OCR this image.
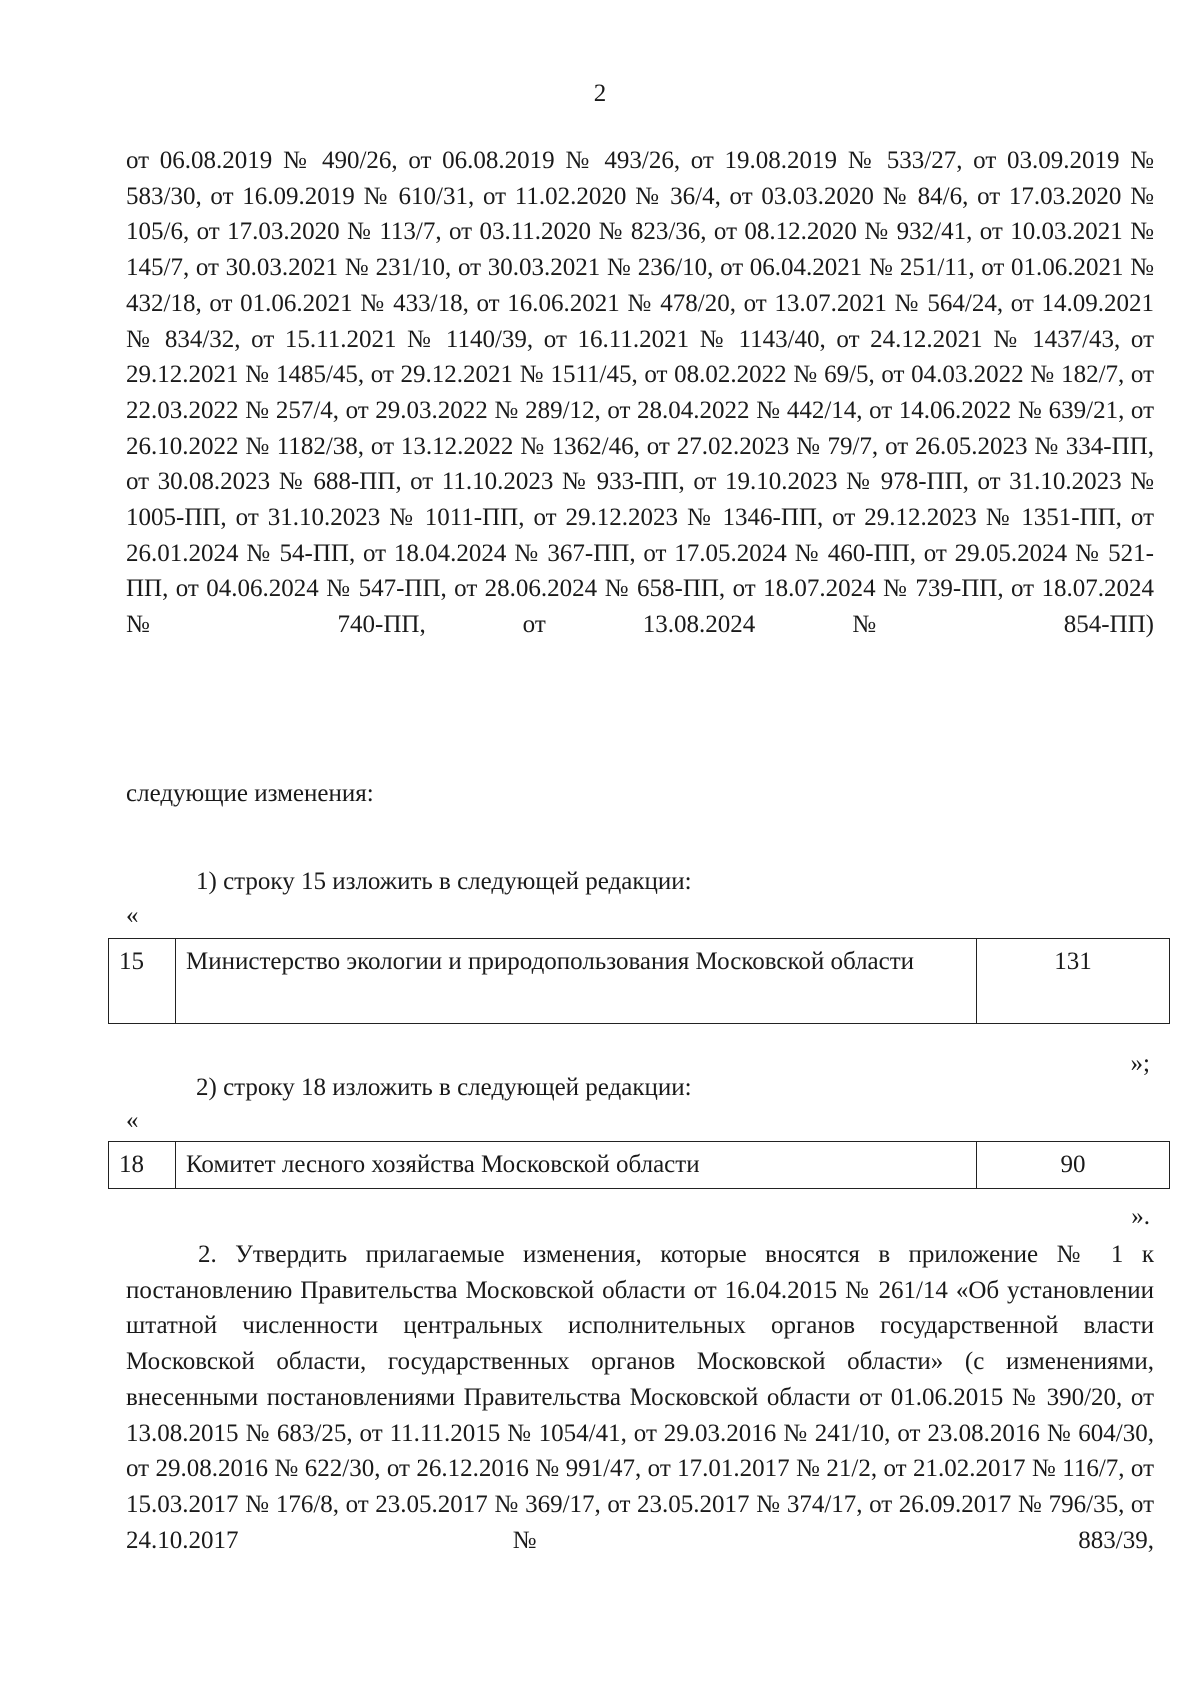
2

от 06.08.2019 № 490/26, от 06.08.2019 № 493/26, от 19.08.2019 № 533/27, от 03.09.2019 № 583/30, от 16.09.2019 № 610/31, от 11.02.2020 № 36/4, от 03.03.2020 № 84/6, от 17.03.2020 № 105/6, от 17.03.2020 № 113/7, от 03.11.2020 № 823/36, от 08.12.2020 № 932/41, от 10.03.2021 № 145/7, от 30.03.2021 № 231/10, от 30.03.2021 № 236/10, от 06.04.2021 № 251/11, от 01.06.2021 № 432/18, от 01.06.2021 № 433/18, от 16.06.2021 № 478/20, от 13.07.2021 № 564/24, от 14.09.2021 № 834/32, от 15.11.2021 № 1140/39, от 16.11.2021 № 1143/40, от 24.12.2021 № 1437/43, от 29.12.2021 № 1485/45, от 29.12.2021 № 1511/45, от 08.02.2022 № 69/5, от 04.03.2022 № 182/7, от 22.03.2022 № 257/4, от 29.03.2022 № 289/12, от 28.04.2022 № 442/14, от 14.06.2022 № 639/21, от 26.10.2022 № 1182/38, от 13.12.2022 № 1362/46, от 27.02.2023 № 79/7, от 26.05.2023 № 334-ПП, от 30.08.2023 № 688-ПП, от 11.10.2023 № 933-ПП, от 19.10.2023 № 978-ПП, от 31.10.2023 № 1005-ПП, от 31.10.2023 № 1011-ПП, от 29.12.2023 № 1346-ПП, от 29.12.2023 № 1351-ПП, от 26.01.2024 № 54-ПП, от 18.04.2024 № 367-ПП, от 17.05.2024 № 460-ПП, от 29.05.2024 № 521-ПП, от 04.06.2024 № 547-ПП, от 28.06.2024 № 658-ПП, от 18.07.2024 № 739-ПП, от 18.07.2024 № 740-ПП, от 13.08.2024 № 854-ПП)

следующие изменения:
1) строку 15 изложить в следующей редакции:
«
15	Министерство экологии и природопользования Московской области	131
»;
2) строку 18 изложить в следующей редакции:
«
18	Комитет лесного хозяйства Московской области	90
».

2. Утвердить прилагаемые изменения, которые вносятся в приложение № 1 к постановлению Правительства Московской области от 16.04.2015 № 261/14 «Об установлении штатной численности центральных исполнительных органов государственной власти Московской области, государственных органов Московской области» (с изменениями, внесенными постановлениями Правительства Московской области от 01.06.2015 № 390/20, от 13.08.2015 № 683/25, от 11.11.2015 № 1054/41, от 29.03.2016 № 241/10, от 23.08.2016 № 604/30, от 29.08.2016 № 622/30, от 26.12.2016 № 991/47, от 17.01.2017 № 21/2, от 21.02.2017 № 116/7, от 15.03.2017 № 176/8, от 23.05.2017 № 369/17, от 23.05.2017 № 374/17, от 26.09.2017 № 796/35, от 24.10.2017 № 883/39,
